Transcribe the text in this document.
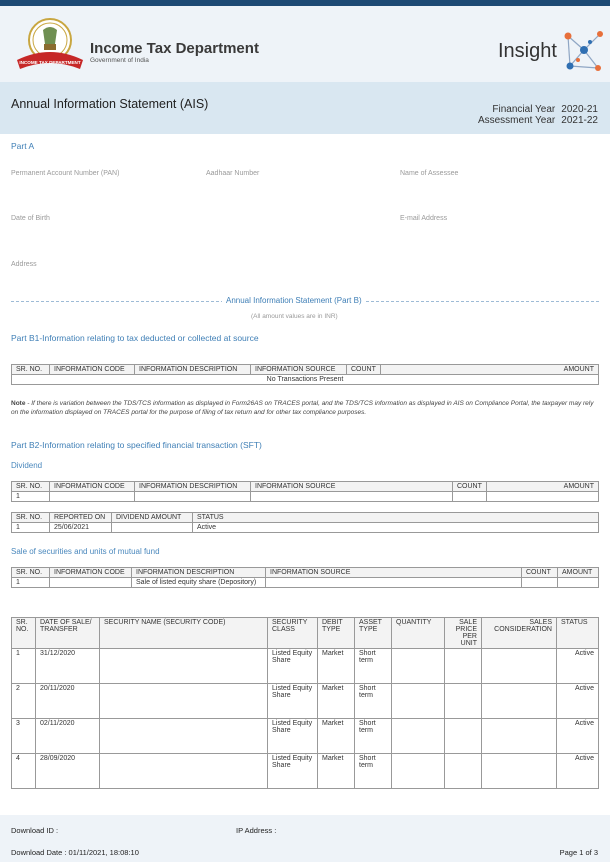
INCOME TAX DEPARTMENT
Income Tax Department
Government of India	Insight
Annual Information Statement (AIS)	Financial Year 2020-21
Assessment Year 2021-22
Part A
Permanent Account Number (PAN)	Aadhaar Number	Name of Assessee
Date of Birth	E-mail Address
Address
Annual Information Statement (Part B)
(All amount values are in INR)
Part B1-Information relating to tax deducted or collected at source
SR. NO.	INFORMATION CODE	INFORMATION DESCRIPTION	INFORMATION SOURCE	COUNT	AMOUNT
No Transactions Present
Note - If there is variation between the TDS/TCS information as displayed in Form26AS on TRACES portal, and the TDS/TCS information as displayed in AIS on Compliance Portal, the taxpayer may rely on the information displayed on TRACES portal for the purpose of filing of tax return and for other tax compliance purposes.
Part B2-Information relating to specified financial transaction (SFT)
Dividend
SR. NO.	INFORMATION CODE	INFORMATION DESCRIPTION	INFORMATION SOURCE	COUNT	AMOUNT
1					
SR. NO.	REPORTED ON	DIVIDEND AMOUNT	STATUS
1	25/06/2021		Active
Sale of securities and units of mutual fund
SR. NO.	INFORMATION CODE	INFORMATION DESCRIPTION	INFORMATION SOURCE	COUNT	AMOUNT
1		Sale of listed equity share (Depository)			
SR. NO.	DATE OF SALE/ TRANSFER	SECURITY NAME (SECURITY CODE)	SECURITY CLASS	DEBIT TYPE	ASSET TYPE	QUANTITY	SALE PRICE PER UNIT	SALES CONSIDERATION	STATUS
1	31/12/2020		Listed Equity Share	Market	Short term				Active
2	20/11/2020		Listed Equity Share	Market	Short term				Active
3	02/11/2020		Listed Equity Share	Market	Short term				Active
4	28/09/2020		Listed Equity Share	Market	Short term				Active
Download ID :	IP Address :
Download Date : 01/11/2021, 18:08:10	Page 1 of 3
